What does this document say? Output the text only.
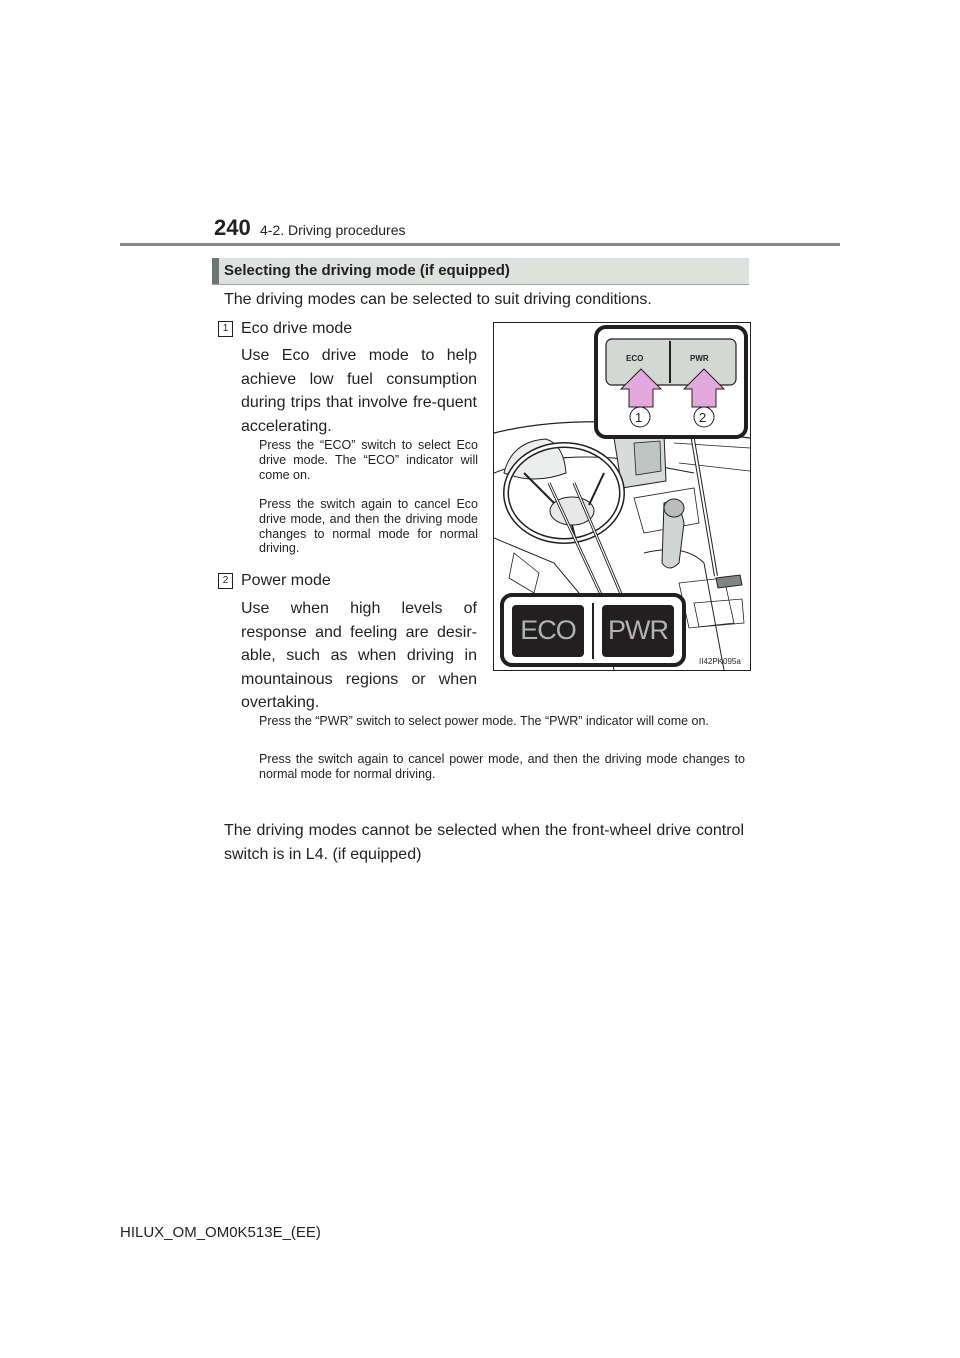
240 4-2. Driving procedures
Selecting the driving mode (if equipped)
The driving modes can be selected to suit driving conditions.
1 Eco drive mode
Use Eco drive mode to help achieve low fuel consumption during trips that involve fre-quent accelerating.
Press the “ECO” switch to select Eco drive mode. The “ECO” indicator will come on.
Press the switch again to cancel Eco drive mode, and then the driving mode changes to normal mode for normal driving.
2 Power mode
Use when high levels of response and feeling are desir-able, such as when driving in mountainous regions or when overtaking.
Press the “PWR” switch to select power mode. The “PWR” indicator will come on.
Press the switch again to cancel power mode, and then the driving mode changes to normal mode for normal driving.
The driving modes cannot be selected when the front-wheel drive control switch is in L4. (if equipped)
ECO	PWR
1	2
ECO	PWR
II42PK095a
HILUX_OM_OM0K513E_(EE)
